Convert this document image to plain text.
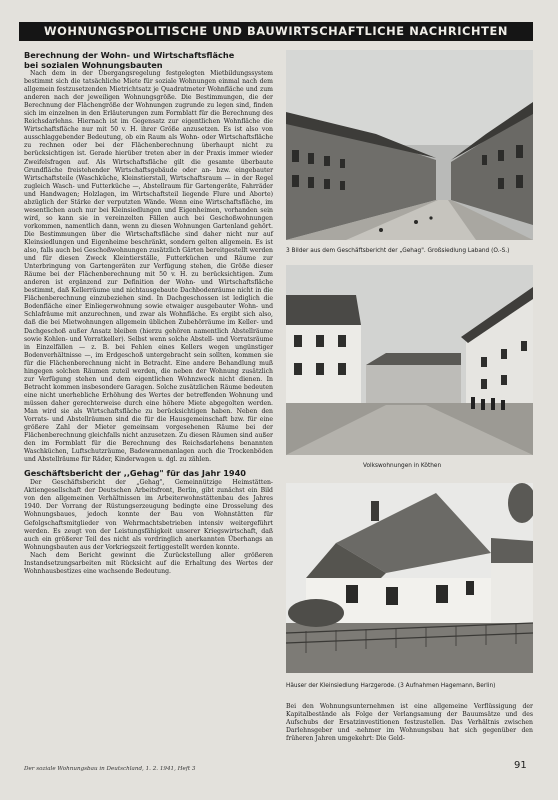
WOHNUNGSPOLITISCHE UND BAUWIRTSCHAFTLICHE NACHRICHTEN
Berechnung der Wohn- und Wirtschaftsfläche
bei sozialen Wohnungsbauten

Nach dem in der Übergangsregelung festgelegten Mietbildungssystem bestimmt sich die tatsächliche Miete für soziale Wohnungen einmal nach dem allgemein festzusetzenden Mietrichtsatz je Quadratmeter Wohnfläche und zum anderen nach der jeweiligen Wohnungsgröße. Die Bestimmungen, die der Berechnung der Flächengröße der Wohnungen zugrunde zu legen sind, finden sich im einzelnen in den Erläuterungen zum Formblatt für die Berechnung des Reichsdarlehns. Hiernach ist im Gegensatz zur eigentlichen Wohnfläche die Wirtschaftsfläche nur mit 50 v. H. ihrer Größe anzusetzen. Es ist also von ausschlaggebender Bedeutung, ob ein Raum als Wohn- oder Wirtschaftsfläche zu rechnen oder bei der Flächenberechnung überhaupt nicht zu berücksichtigen ist. Gerade hierüber treten aber in der Praxis immer wieder Zweifelsfragen auf. Als Wirtschaftsfläche gilt die gesamte überbaute Grundfläche freistehender Wirtschaftsgebäude oder an- bzw. eingebauter Wirtschaftsteile (Waschküche, Kleinstierstall, Wirtschaftsraum — in der Regel zugleich Wasch- und Futterküche —, Abstellraum für Gartengeräte, Fahrräder und Handwagen; Holzlagen, im Wirtschaftsteil liegende Flure und Aborte) abzüglich der Stärke der verputzten Wände. Wenn eine Wirtschaftsfläche, im wesentlichen auch nur bei Kleinsiedlungen und Eigenheimen, vorhanden sein wird, so kann sie in vereinzelten Fällen auch bei Geschoßwohnungen vorkommen, namentlich dann, wenn zu diesen Wohnungen Gartenland gehört. Die Bestimmungen über die Wirtschaftsfläche sind daher nicht nur auf Kleinsiedlungen und Eigenheime beschränkt, sondern gelten allgemein. Es ist also, falls auch bei Geschoßwohnungen zusätzlich Gärten bereitgestellt werden und für diesen Zweck Kleintierställe, Futterküchen und Räume zur Unterbringung von Gartengeräten zur Verfügung stehen, die Größe dieser Räume bei der Flächenberechnung mit 50 v. H. zu berücksichtigen. Zum anderen ist ergänzend zur Definition der Wohn- und Wirtschaftsfläche bestimmt, daß Kellerräume und nichtausgebaute Dachbodenräume nicht in die Flächenberechnung einzubeziehen sind. In Dachgeschossen ist lediglich die Bodenfläche einer Einliegerwohnung sowie etwaiger ausgebauter Wohn- und Schlafräume mit anzurechnen, und zwar als Wohnfläche. Es ergibt sich also, daß die bei Mietwohnungen allgemein üblichen Zubehörräume im Keller- und Dachgeschoß außer Ansatz bleiben (hierzu gehören namentlich Abstellräume sowie Kohlen- und Vorratkeller). Selbst wenn solche Abstell- und Vorratsräume in Einzelfällen — z. B. bei Fehlen eines Kellers wegen ungünstiger Bodenverhältnisse —, im Erdgeschoß untergebracht sein sollten, kommen sie für die Flächenberechnung nicht in Betracht. Eine andere Behandlung muß hingegen solchen Räumen zuteil werden, die neben der Wohnung zusätzlich zur Verfügung stehen und dem eigentlichen Wohnzweck nicht dienen. In Betracht kommen insbesondere Garagen. Solche zusätzlichen Räume bedeuten eine nicht unerhebliche Erhöhung des Wertes der betreffenden Wohnung und müssen daher gerechterweise durch eine höhere Miete abgegolten werden. Man wird sie als Wirtschaftsfläche zu berücksichtigen haben. Neben den Vorrats- und Abstellräumen sind die für die Hausgemeinschaft bzw. für eine größere Zahl der Mieter gemeinsam vorgesehenen Räume bei der Flächenberechnung gleichfalls nicht anzusetzen. Zu diesen Räumen sind außer den im Formblatt für die Berechnung des Reichsdarlehens benannten Waschküchen, Luftschutzräume, Badewannenanlagen auch die Trockenböden und Abstellräume für Räder, Kinderwagen u. dgl. zu zählen.

Geschäftsbericht der ,,Gehag" für das Jahr 1940

Der Geschäftsbericht der „Gehag", Gemeinnützige Heimstätten-Aktiengesellschaft der Deutschen Arbeitsfront, Berlin, gibt zunächst ein Bild von den allgemeinen Verhältnissen im Arbeiterwohnstättenbau des Jahres 1940. Der Vorrang der Rüstungserzeugung bedingte eine Drosselung des Wohnungsbaues, jedoch konnte der Bau von Wohnstätten für Gefolgschaftsmitglieder von Wehrmachtsbetrieben intensiv weitergeführt werden. Es zeugt von der Leistungsfähigkeit unserer Kriegswirtschaft, daß auch ein größerer Teil des nicht als vordringlich anerkannten Überhangs an Wohnungsbauten aus der Vorkriegszeit fertiggestellt werden konnte.

Nach dem Bericht gewinnt die Zurückstellung aller größeren Instandsetzungsarbeiten mit Rücksicht auf die Erhaltung des Wertes der Wohnhausbestizes eine wachsende Bedeutung.

3 Bilder aus dem Geschäftsbericht der „Gehag". Großsiedlung Laband (O.-S.)
Volkswohnungen in Köthen
Häuser der Kleinsiedlung Harzgerode. (3 Aufnahmen Hagemann, Berlin)
Bei den Wohnungsunternehmen ist eine allgemeine Verflüssigung der Kapitalbestände als Folge der Verlangsamung der Bauumsätze und des Aufschubs der Ersatzinvestitionen festzustellen. Das Verhältnis zwischen Darlehnsgeber und -nehmer im Wohnungsbau hat sich gegenüber den früheren Jahren umgekehrt: Die Geld-
Der soziale Wohnungsbau in Deutschland, 1. 2. 1941, Heft 3	91
